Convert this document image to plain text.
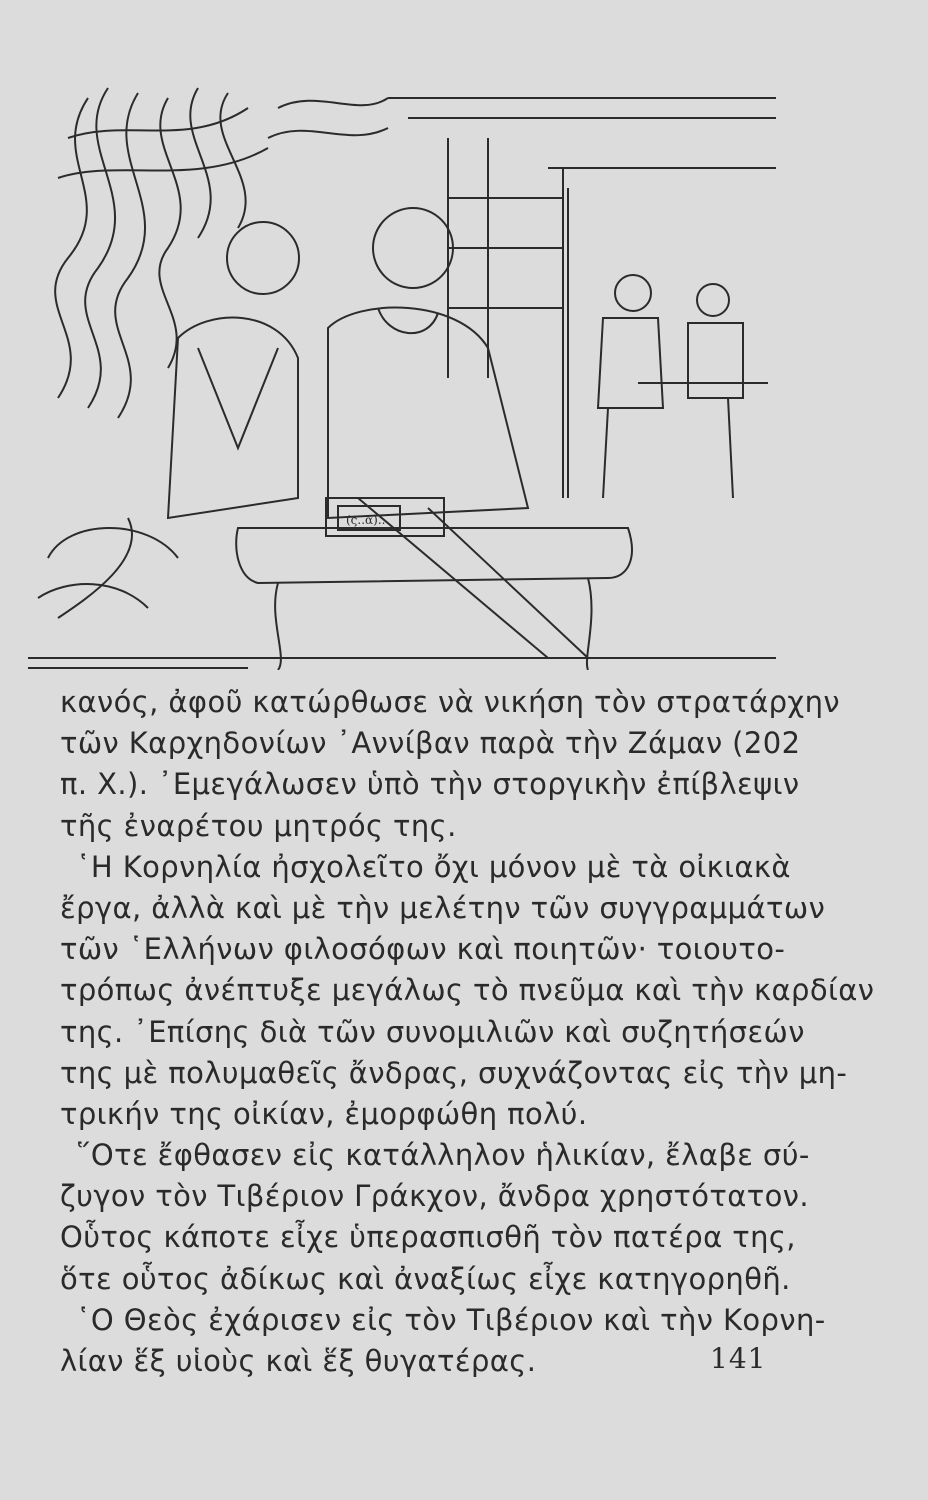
(ς..α)..
κανός, ἀφοῦ κατώρθωσε νὰ νικήση τὸν στρατάρχην
τῶν Καρχηδονίων ᾽Αννίβαν παρὰ τὴν Ζάμαν (202
π. Χ.). ᾽Εμεγάλωσεν ὑπὸ τὴν στοργικὴν ἐπίβλεψιν
τῆς ἐναρέτου μητρός της.
῾Η Κορνηλία ἠσχολεῖτο ὄχι μόνον μὲ τὰ οἰκιακὰ
ἔργα, ἀλλὰ καὶ μὲ τὴν μελέτην τῶν συγγραμμάτων
τῶν ῾Ελλήνων φιλοσόφων καὶ ποιητῶν· τοιουτο-
τρόπως ἀνέπτυξε μεγάλως τὸ πνεῦμα καὶ τὴν καρδίαν
της. ᾽Επίσης διὰ τῶν συνομιλιῶν καὶ συζητήσεών
της μὲ πολυμαθεῖς ἄνδρας, συχνάζοντας εἰς τὴν μη-
τρικήν της οἰκίαν, ἐμορφώθη πολύ.
῞Οτε ἔφθασεν εἰς κατάλληλον ἡλικίαν, ἔλαβε σύ-
ζυγον τὸν Τιβέριον Γράκχον, ἄνδρα χρηστότατον.
Οὗτος κάποτε εἶχε ὑπερασπισθῆ τὸν πατέρα της,
ὅτε οὗτος ἀδίκως καὶ ἀναξίως εἶχε κατηγορηθῆ.
῾Ο Θεὸς ἐχάρισεν εἰς τὸν Τιβέριον καὶ τὴν Κορνη-
λίαν ἕξ υἱοὺς καὶ ἕξ θυγατέρας.	141
